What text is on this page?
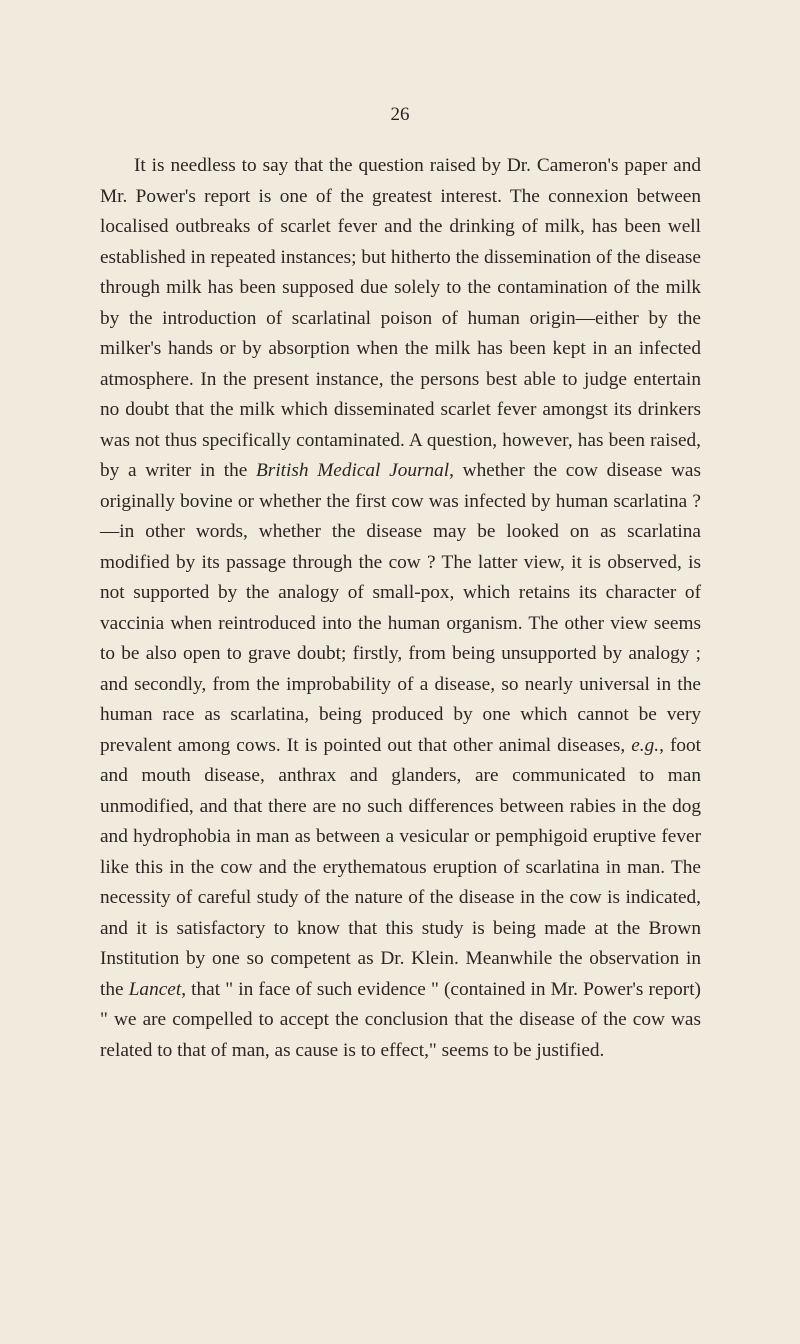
26

It is needless to say that the question raised by Dr. Cameron's paper and Mr. Power's report is one of the greatest interest. The connexion between localised outbreaks of scarlet fever and the drinking of milk, has been well established in repeated instances; but hitherto the dissemination of the disease through milk has been supposed due solely to the contamination of the milk by the introduction of scarlatinal poison of human origin—either by the milker's hands or by absorption when the milk has been kept in an infected atmosphere. In the present instance, the persons best able to judge entertain no doubt that the milk which disseminated scarlet fever amongst its drinkers was not thus specifically contaminated. A question, however, has been raised, by a writer in the British Medical Journal, whether the cow disease was originally bovine or whether the first cow was infected by human scarlatina ?—in other words, whether the disease may be looked on as scarlatina modified by its passage through the cow ? The latter view, it is observed, is not supported by the analogy of small-pox, which retains its character of vaccinia when reintroduced into the human organism. The other view seems to be also open to grave doubt; firstly, from being unsupported by analogy ; and secondly, from the improbability of a disease, so nearly universal in the human race as scarlatina, being produced by one which cannot be very prevalent among cows. It is pointed out that other animal diseases, e.g., foot and mouth disease, anthrax and glanders, are communicated to man unmodified, and that there are no such differences between rabies in the dog and hydrophobia in man as between a vesicular or pemphigoid eruptive fever like this in the cow and the erythematous eruption of scarlatina in man. The necessity of careful study of the nature of the disease in the cow is indicated, and it is satisfactory to know that this study is being made at the Brown Institution by one so competent as Dr. Klein. Meanwhile the observation in the Lancet, that " in face of such evidence " (contained in Mr. Power's report) " we are compelled to accept the conclusion that the disease of the cow was related to that of man, as cause is to effect," seems to be justified.
